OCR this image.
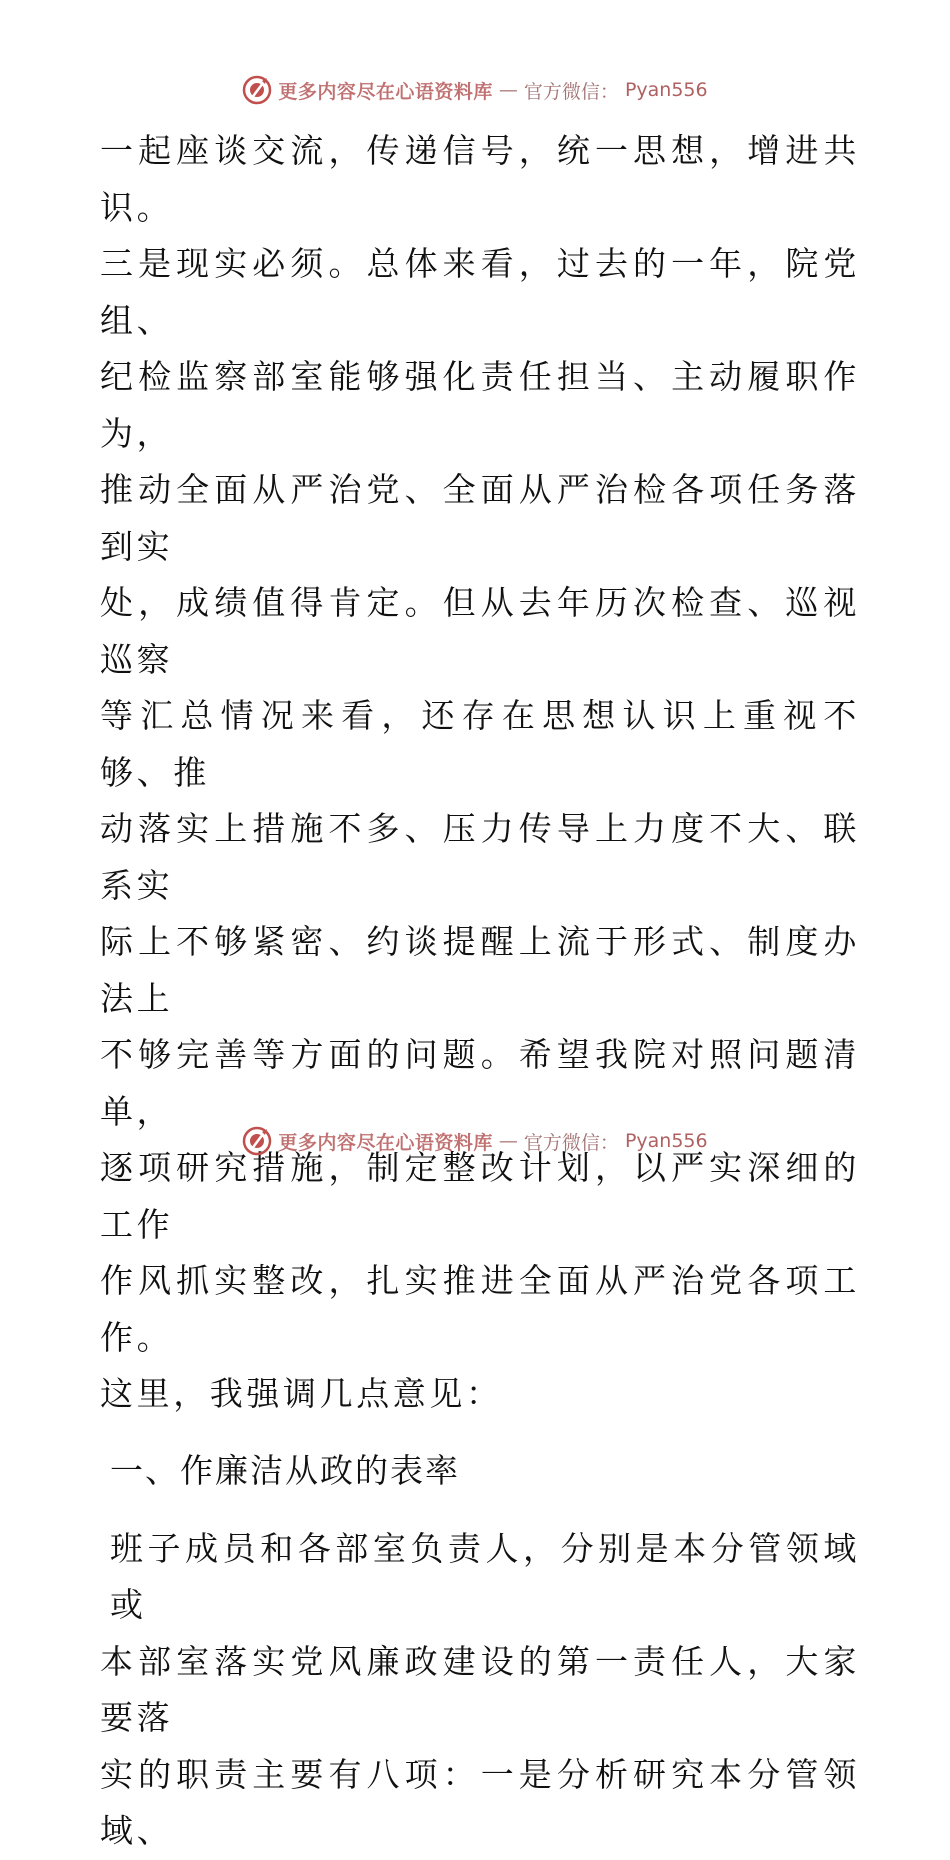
更多内容尽在心语资料库 — 官方微信： Pyan556

一起座谈交流，传递信号，统一思想，增进共识。

三是现实必须。总体来看，过去的一年，院党组、

纪检监察部室能够强化责任担当、主动履职作为，

推动全面从严治党、全面从严治检各项任务落到实

处，成绩值得肯定。但从去年历次检查、巡视巡察

等汇总情况来看，还存在思想认识上重视不够、推

动落实上措施不多、压力传导上力度不大、联系实

际上不够紧密、约谈提醒上流于形式、制度办法上

不够完善等方面的问题。希望我院对照问题清单，

逐项研究措施，制定整改计划，以严实深细的工作

作风抓实整改，扎实推进全面从严治党各项工作。

这里，我强调几点意见：

一、作廉洁从政的表率

班子成员和各部室负责人，分别是本分管领域或

本部室落实党风廉政建设的第一责任人，大家要落

实的职责主要有八项：一是分析研究本分管领域、

更多内容尽在心语资料库 — 官方微信： Pyan556
